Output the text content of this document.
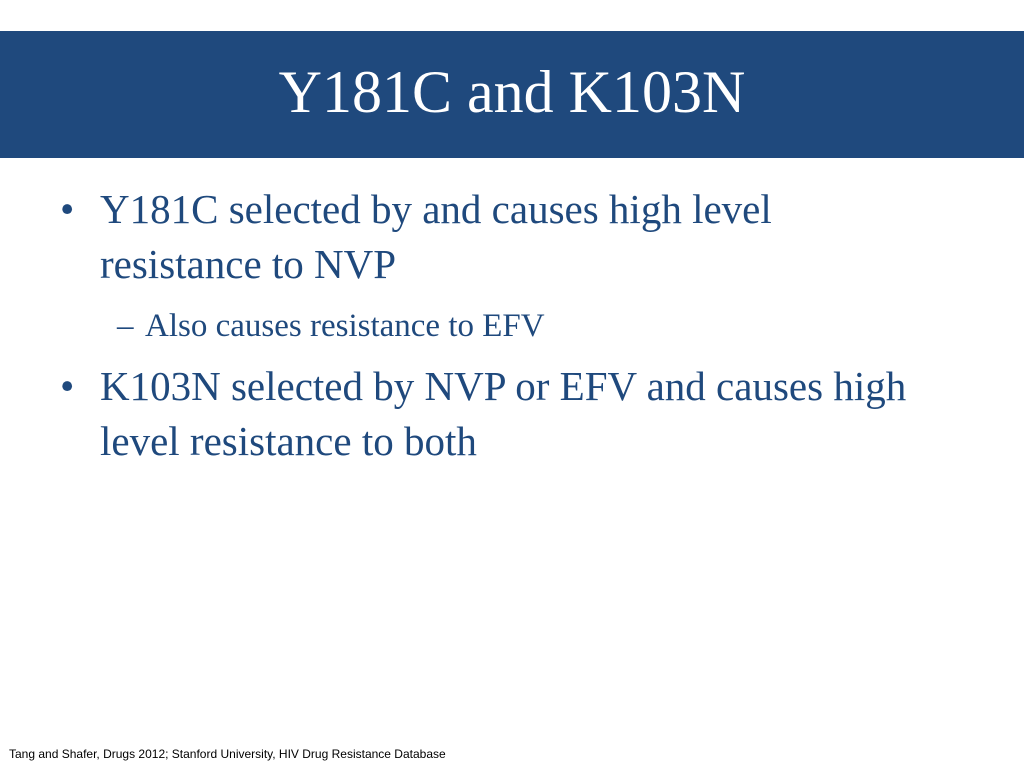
Y181C and K103N
• Y181C selected by and causes high level resistance to NVP
– Also causes resistance to EFV
• K103N selected by NVP or EFV and causes high level resistance to both
Tang and Shafer, Drugs 2012; Stanford University, HIV Drug Resistance Database
